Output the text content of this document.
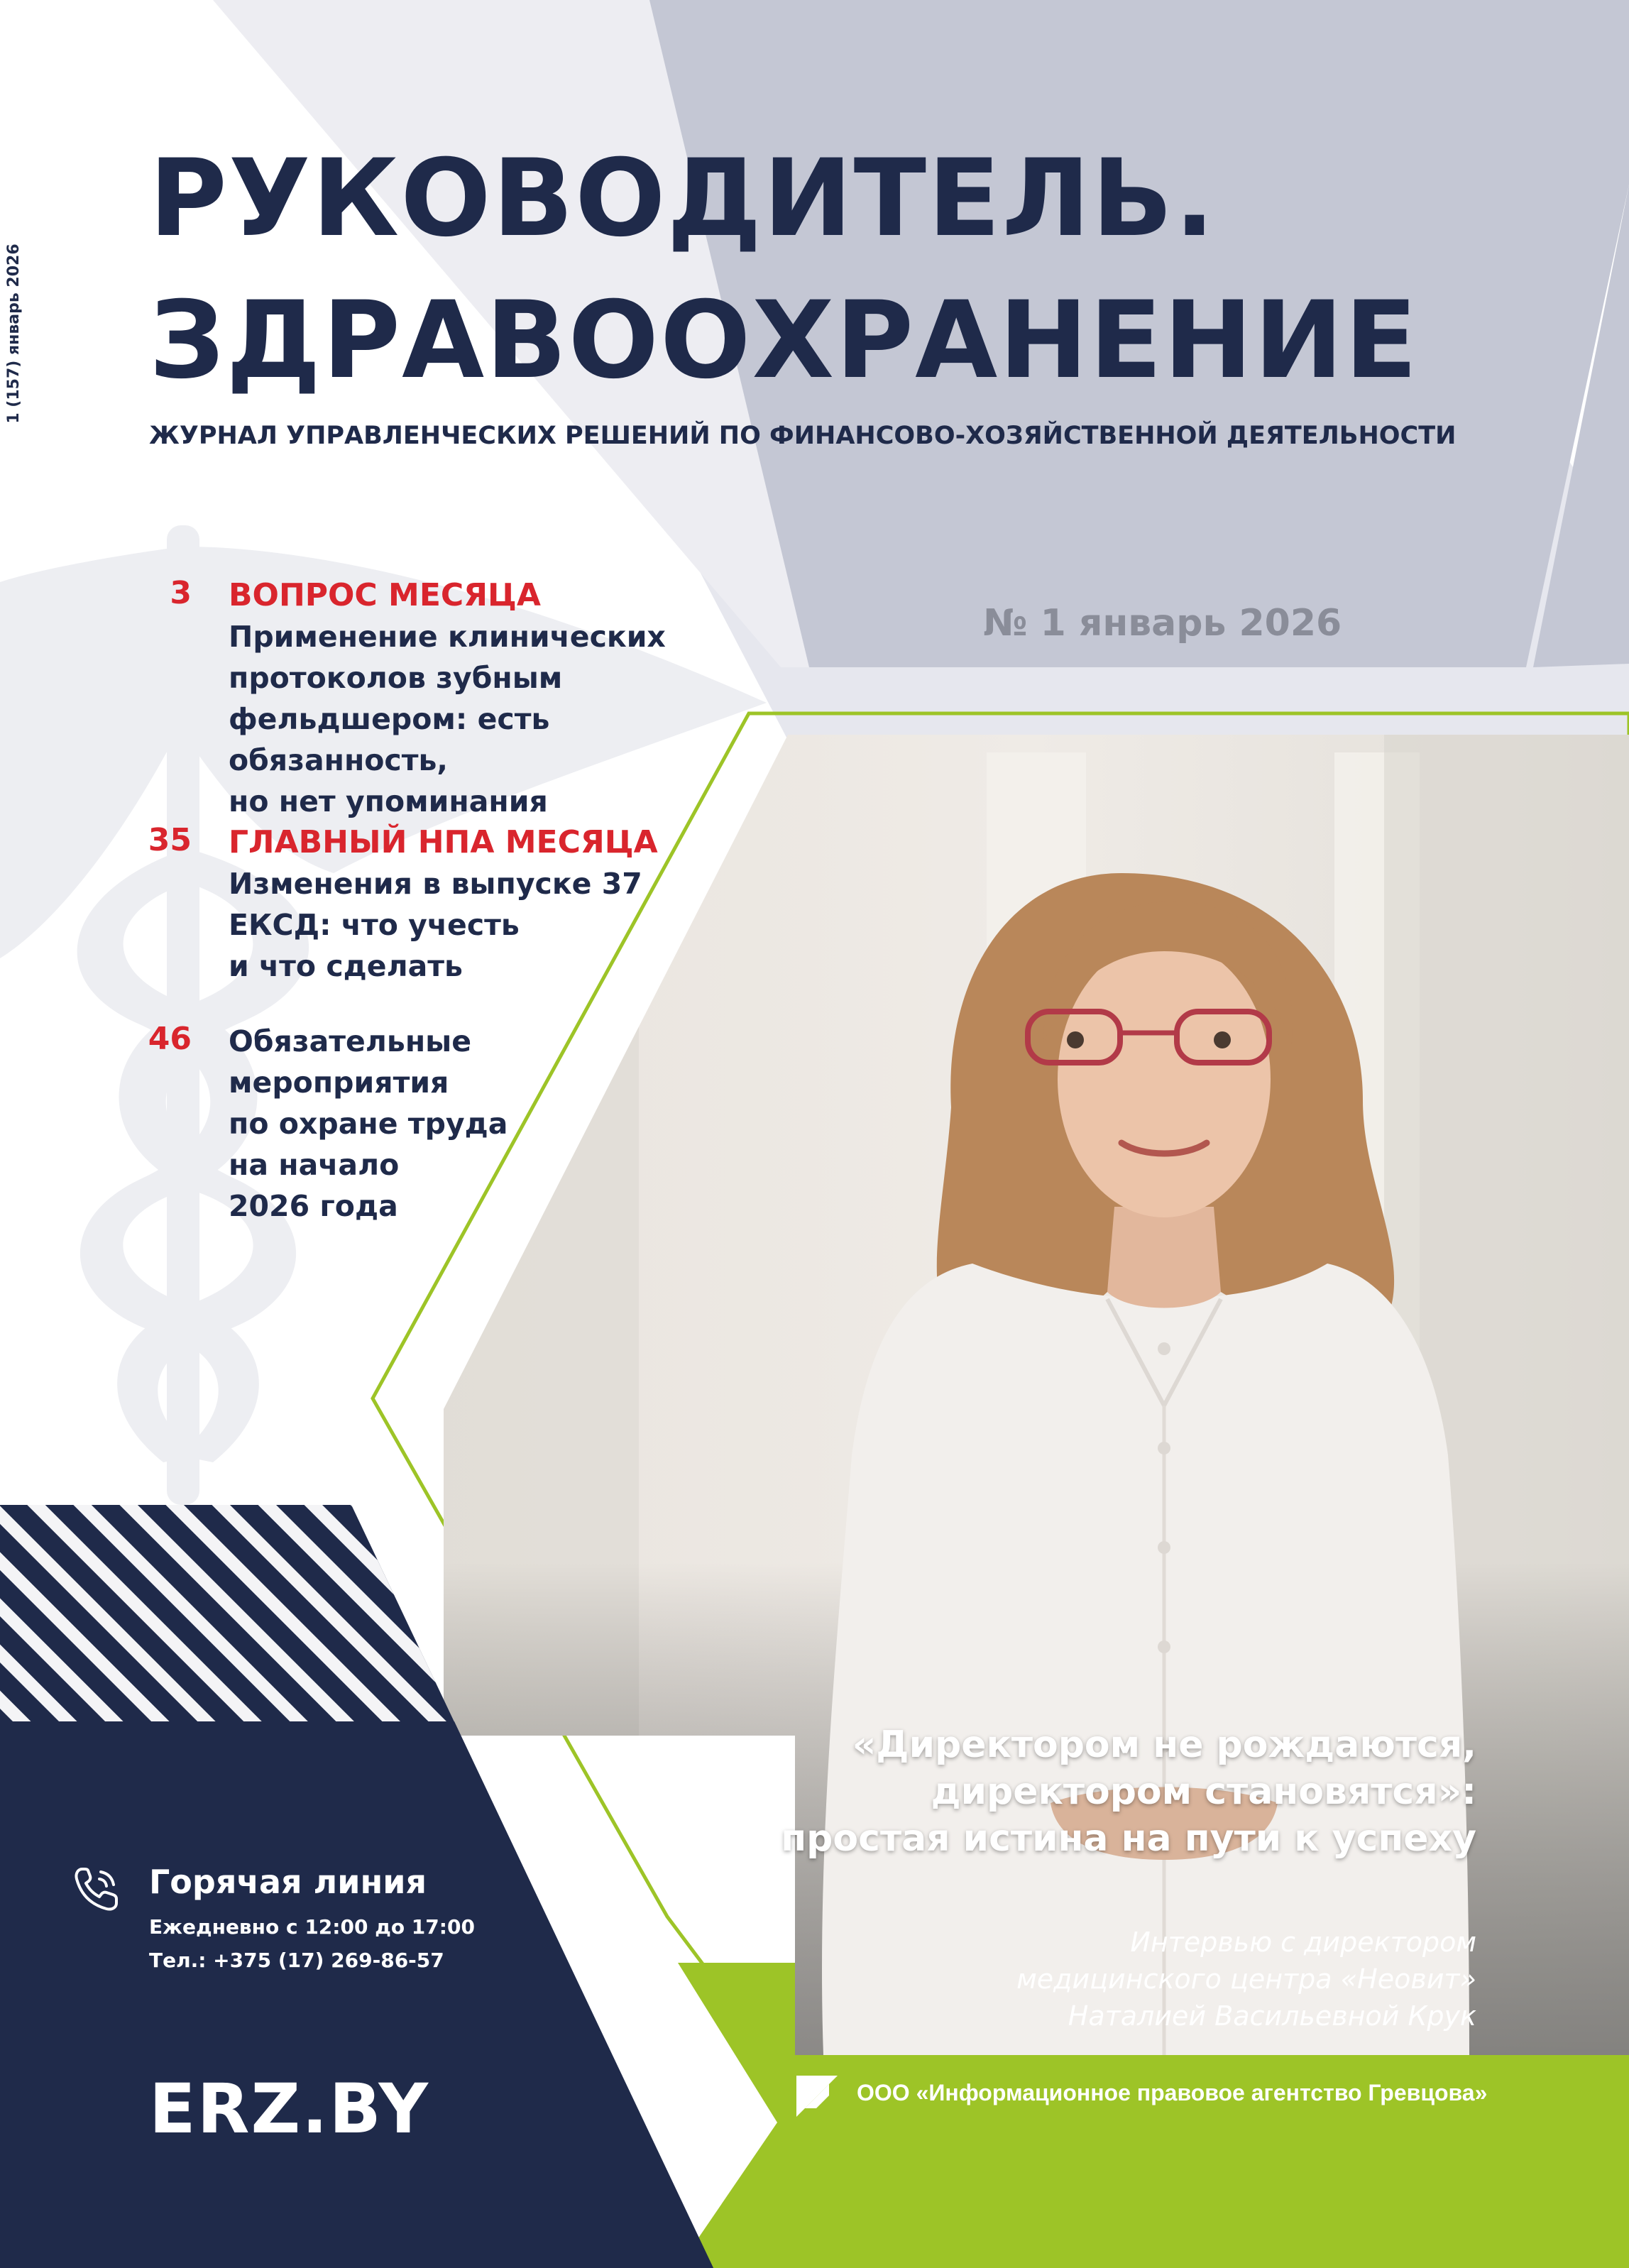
1 (157) январь 2026
РУКОВОДИТЕЛЬ.
ЗДРАВООХРАНЕНИЕ
ЖУРНАЛ УПРАВЛЕНЧЕСКИХ РЕШЕНИЙ ПО ФИНАНСОВО-ХОЗЯЙСТВЕННОЙ ДЕЯТЕЛЬНОСТИ
№ 1 январь 2026
3 ВОПРОС МЕСЯЦА
Применение клинических
протоколов зубным
фельдшером: есть обязанность,
но нет упоминания
35 ГЛАВНЫЙ НПА МЕСЯЦА
Изменения в выпуске 37
ЕКСД: что учесть
и что сделать
46 Обязательные
мероприятия
по охране труда
на начало
2026 года
«Директором не рождаются,
директором становятся»:
простая истина на пути к успеху
Интервью с директором
медицинского центра «Неовит»
Наталией Васильевной Крук
Горячая линия
Ежедневно с 12:00 до 17:00
Тел.: +375 (17) 269-86-57
ERZ.BY	ООО «Информационное правовое агентство Гревцова»
